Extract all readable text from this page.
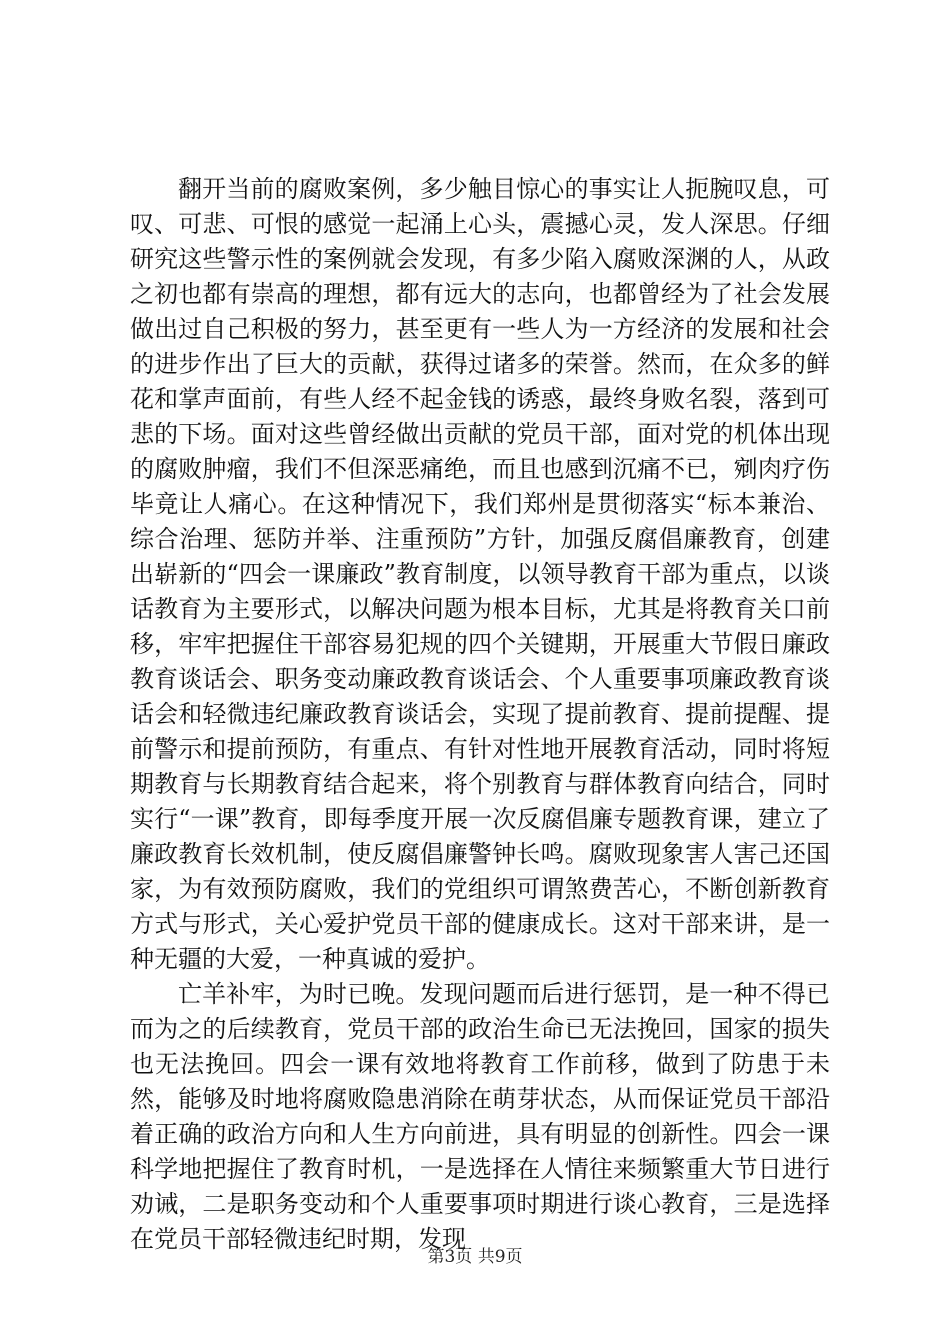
翻开当前的腐败案例，多少触目惊心的事实让人扼腕叹息，可叹、可悲、可恨的感觉一起涌上心头，震撼心灵，发人深思。仔细研究这些警示性的案例就会发现，有多少陷入腐败深渊的人，从政之初也都有崇高的理想，都有远大的志向，也都曾经为了社会发展做出过自己积极的努力，甚至更有一些人为一方经济的发展和社会的进步作出了巨大的贡献，获得过诸多的荣誉。然而，在众多的鲜花和掌声面前，有些人经不起金钱的诱惑，最终身败名裂，落到可悲的下场。面对这些曾经做出贡献的党员干部，面对党的机体出现的腐败肿瘤，我们不但深恶痛绝，而且也感到沉痛不已，剜肉疗伤毕竟让人痛心。在这种情况下，我们郑州是贯彻落实“标本兼治、综合治理、惩防并举、注重预防”方针，加强反腐倡廉教育，创建出崭新的“四会一课廉政”教育制度，以领导教育干部为重点，以谈话教育为主要形式，以解决问题为根本目标，尤其是将教育关口前移，牢牢把握住干部容易犯规的四个关键期，开展重大节假日廉政教育谈话会、职务变动廉政教育谈话会、个人重要事项廉政教育谈话会和轻微违纪廉政教育谈话会，实现了提前教育、提前提醒、提前警示和提前预防，有重点、有针对性地开展教育活动，同时将短期教育与长期教育结合起来，将个别教育与群体教育向结合，同时实行“一课”教育，即每季度开展一次反腐倡廉专题教育课，建立了廉政教育长效机制，使反腐倡廉警钟长鸣。腐败现象害人害己还国家，为有效预防腐败，我们的党组织可谓煞费苦心，不断创新教育方式与形式，关心爱护党员干部的健康成长。这对干部来讲，是一种无疆的大爱，一种真诚的爱护。

亡羊补牢，为时已晚。发现问题而后进行惩罚，是一种不得已而为之的后续教育，党员干部的政治生命已无法挽回，国家的损失也无法挽回。四会一课有效地将教育工作前移，做到了防患于未然，能够及时地将腐败隐患消除在萌芽状态，从而保证党员干部沿着正确的政治方向和人生方向前进，具有明显的创新性。四会一课科学地把握住了教育时机，一是选择在人情往来频繁重大节日进行劝诫，二是职务变动和个人重要事项时期进行谈心教育，三是选择在党员干部轻微违纪时期，发现

第3页 共9页
